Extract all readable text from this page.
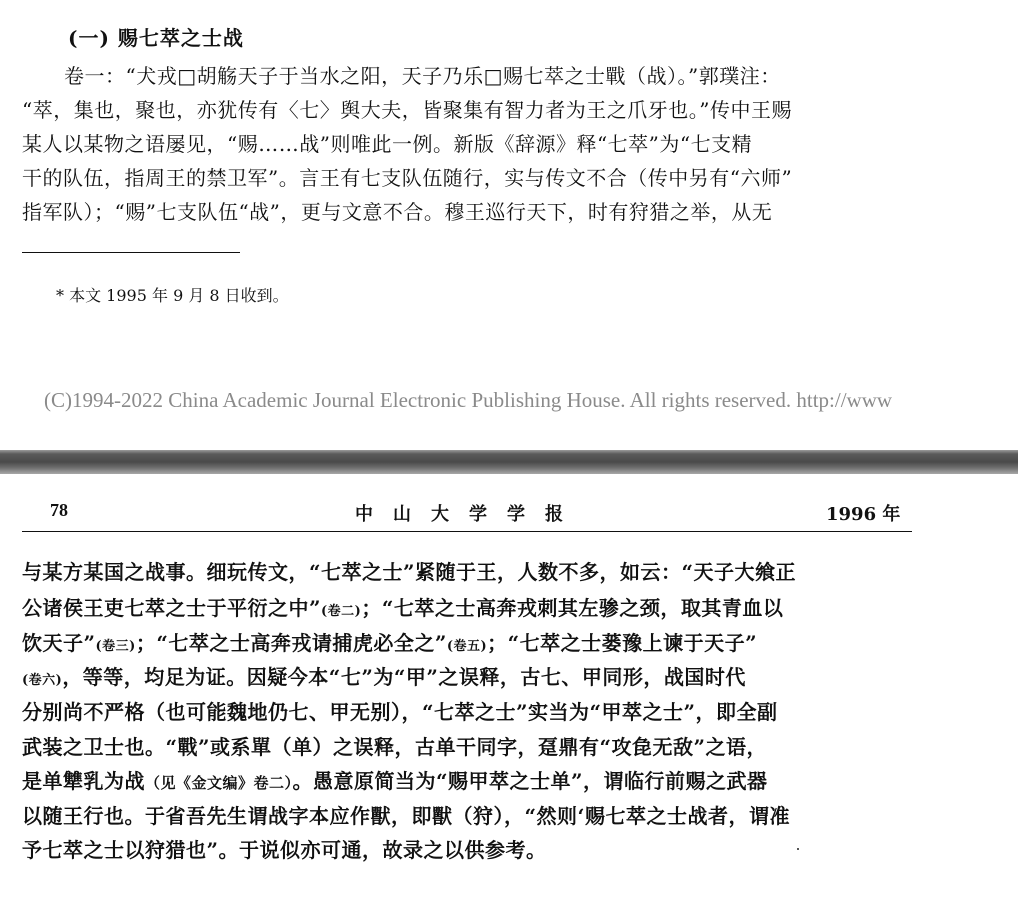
(一) 赐七萃之士战
卷一：“犬戎□胡觞天子于当水之阳，天子乃乐□赐七萃之士戰（战）。”郭璞注：
“萃，集也，聚也，亦犹传有〈七〉舆大夫，皆聚集有智力者为王之爪牙也。”传中王赐
某人以某物之语屡见，“赐……战”则唯此一例。新版《辞源》释“七萃”为“七支精
干的队伍，指周王的禁卫军”。言王有七支队伍随行，实与传文不合（传中另有“六师”
指军队）；“赐”七支队伍“战”，更与文意不合。穆王巡行天下，时有狩猎之举，从无
* 本文 1995 年 9 月 8 日收到。
(C)1994-2022 China Academic Journal Electronic Publishing House. All rights reserved. http://www
78	中山大学学报	1996 年
与某方某国之战事。细玩传文，“七萃之士”紧随于王，人数不多，如云：“天子大飨正
公诸侯王吏七萃之士于平衍之中”(卷二)；“七萃之士高奔戎刺其左骖之颈，取其青血以
饮天子”(卷三)；“七萃之士高奔戎请捕虎必全之”(卷五)；“七萃之士蒌豫上谏于天子”
(卷六)，等等，均足为证。因疑今本“七”为“甲”之误释，古七、甲同形，战国时代
分别尚不严格（也可能魏地仍七、甲无别），“七萃之士”实当为“甲萃之士”，即全副
武装之卫士也。“戰”或系單（单）之误释，古单干同字，趸鼎有“攻㲋无敌”之语，
是单犨乳为战（见《金文编》卷二）。愚意原简当为“赐甲萃之士单”，谓临行前赐之武器
以随王行也。于省吾先生谓战字本应作獸，即獸（狩），“然则‘赐七萃之士战者，谓准
予七萃之士以狩猎也”。于说似亦可通，故录之以供参考。
